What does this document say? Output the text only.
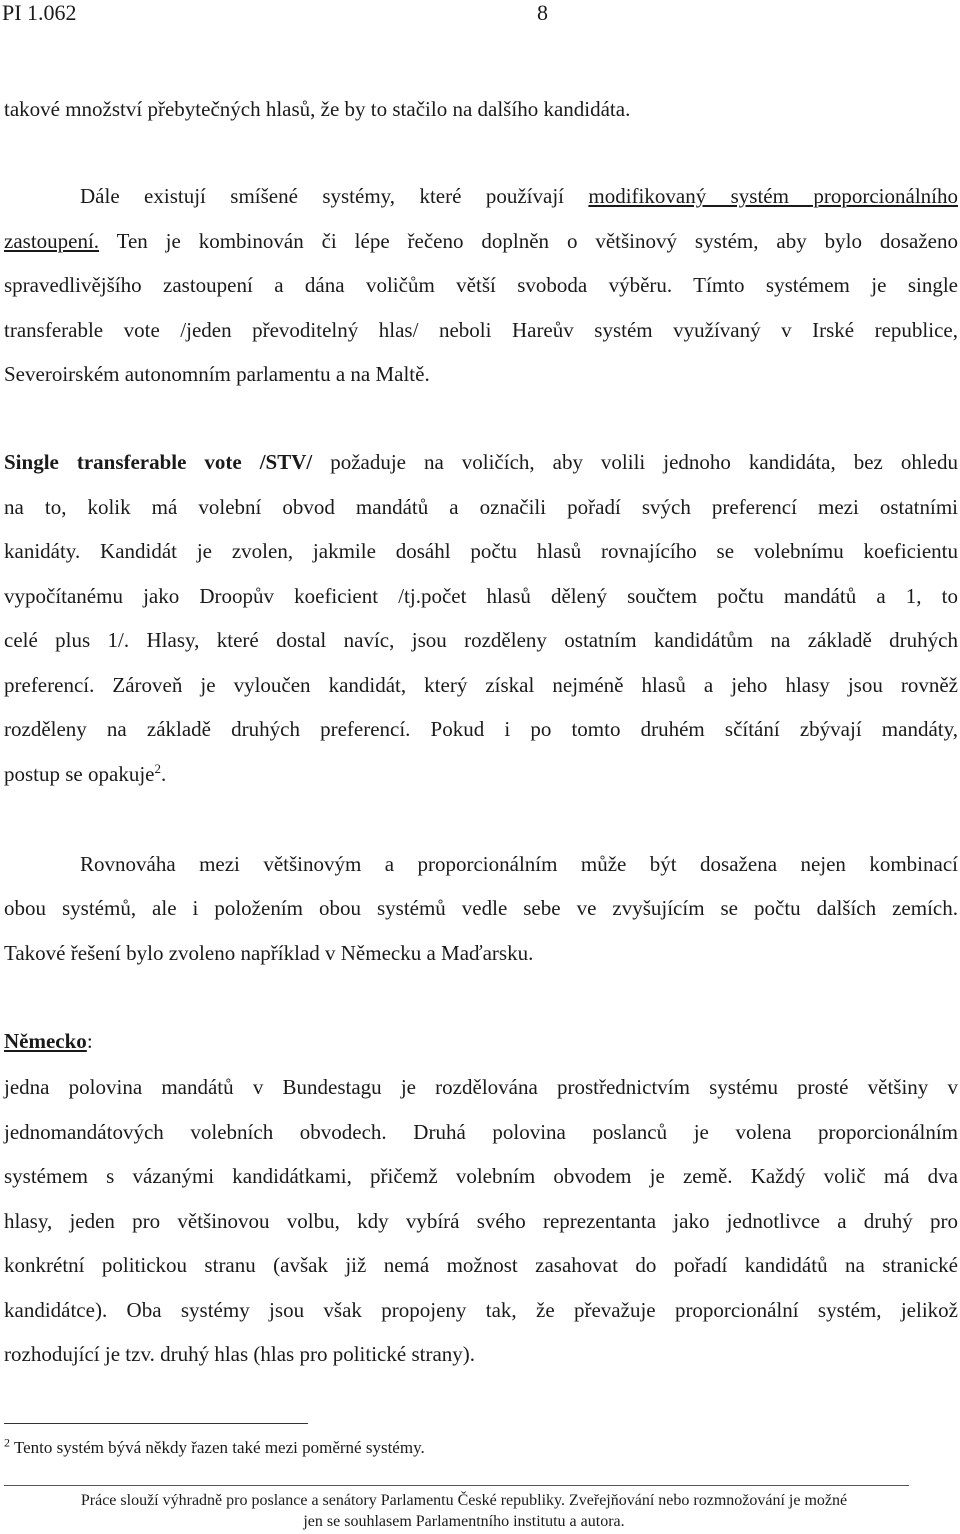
PI 1.062	8
takové množství přebytečných hlasů, že by to stačilo na dalšího kandidáta.
Dále existují smíšené systémy, které používají modifikovaný systém proporcionálního
zastoupení. Ten je kombinován či lépe řečeno doplněn o většinový systém, aby bylo dosaženo
spravedlivějšího zastoupení a dána voličům větší svoboda výběru. Tímto systémem je single
transferable vote /jeden převoditelný hlas/ neboli Hareův systém využívaný v Irské republice,
Severoirském autonomním parlamentu a na Maltě.
Single transferable vote /STV/ požaduje na voličích, aby volili jednoho kandidáta, bez ohledu
na to, kolik má volební obvod mandátů a označili pořadí svých preferencí mezi ostatními
kanidáty. Kandidát je zvolen, jakmile dosáhl počtu hlasů rovnajícího se volebnímu koeficientu
vypočítanému jako Droopův koeficient /tj.počet hlasů dělený součtem počtu mandátů a 1, to
celé plus 1/. Hlasy, které dostal navíc, jsou rozděleny ostatním kandidátům na základě druhých
preferencí. Zároveň je vyloučen kandidát, který získal nejméně hlasů a jeho hlasy jsou rovněž
rozděleny na základě druhých preferencí. Pokud i po tomto druhém sčítání zbývají mandáty,
postup se opakuje$^2$.
Rovnováha mezi většinovým a proporcionálním může být dosažena nejen kombinací
obou systémů, ale i položením obou systémů vedle sebe ve zvyšujícím se počtu dalších zemích.
Takové řešení bylo zvoleno například v Německu a Maďarsku.
Německo:
jedna polovina mandátů v Bundestagu je rozdělována prostřednictvím systému prosté většiny v
jednomandátových volebních obvodech. Druhá polovina poslanců je volena proporcionálním
systémem s vázanými kandidátkami, přičemž volebním obvodem je země. Každý volič má dva
hlasy, jeden pro většinovou volbu, kdy vybírá svého reprezentanta jako jednotlivce a druhý pro
konkrétní politickou stranu (avšak již nemá možnost zasahovat do pořadí kandidátů na stranické
kandidátce). Oba systémy jsou však propojeny tak, že převažuje proporcionální systém, jelikož
rozhodující je tzv. druhý hlas (hlas pro politické strany).
$^2$ Tento systém bývá někdy řazen také mezi poměrné systémy.
Práce slouží výhradně pro poslance a senátory Parlamentu České republiky. Zveřejňování nebo rozmnožování je možné
jen se souhlasem Parlamentního institutu a autora.
